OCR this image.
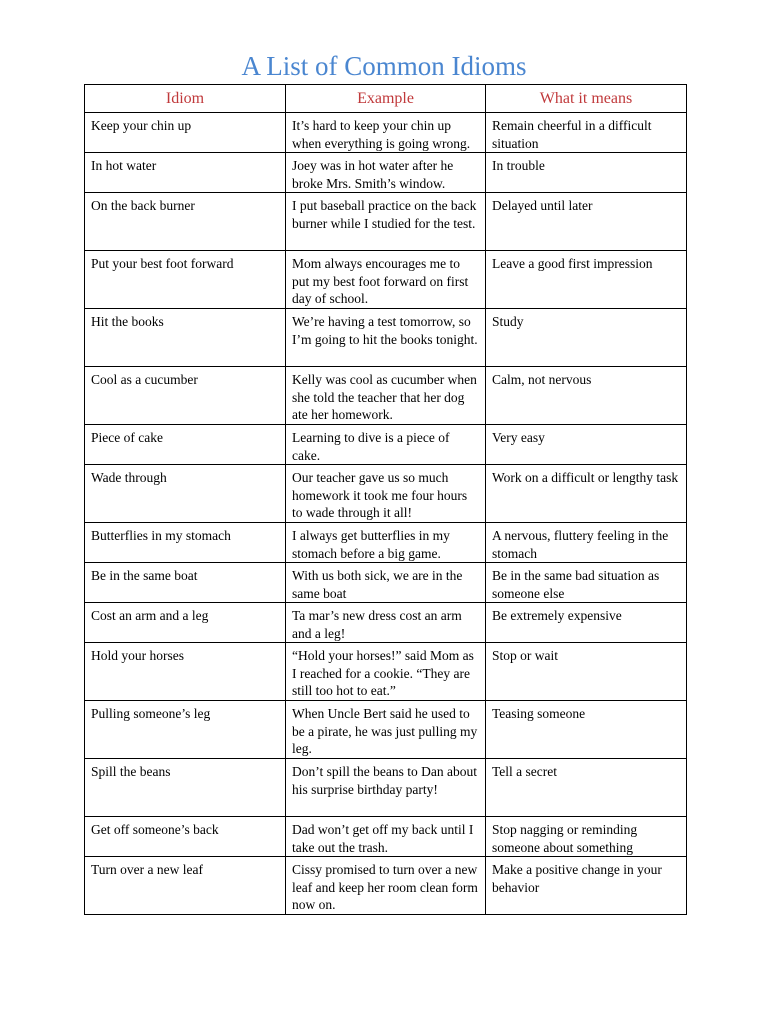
A List of Common Idioms
Idiom	Example	What it means
Keep your chin up	It’s hard to keep your chin up when everything is going wrong.	Remain cheerful in a difficult situation
In hot water	Joey was in hot water after he broke Mrs. Smith’s window.	In trouble
On the back burner	I put baseball practice on the back burner while I studied for the test.	Delayed until later
Put your best foot forward	Mom always encourages me to put my best foot forward on first day of school.	Leave a good first impression
Hit the books	We’re having a test tomorrow, so I’m going to hit the books tonight.	Study
Cool as a cucumber	Kelly was cool as cucumber when she told the teacher that her dog ate her homework.	Calm, not nervous
Piece of cake	Learning to dive is a piece of cake.	Very easy
Wade through	Our teacher gave us so much homework it took me four hours to wade through it all!	Work on a difficult or lengthy task
Butterflies in my stomach	I always get butterflies in my stomach before a big game.	A nervous, fluttery feeling in the stomach
Be in the same boat	With us both sick, we are in the same boat	Be in the same bad situation as someone else
Cost an arm and a leg	Ta mar’s new dress cost an arm and a leg!	Be extremely expensive
Hold your horses	“Hold your horses!” said Mom as I reached for a cookie. “They are still too hot to eat.”	Stop or wait
Pulling someone’s leg	When Uncle Bert said he used to be a pirate, he was just pulling my leg.	Teasing someone
Spill the beans	Don’t spill the beans to Dan about his surprise birthday party!	Tell a secret
Get off someone’s back	Dad won’t get off my back until I take out the trash.	Stop nagging or reminding someone about something
Turn over a new leaf	Cissy promised to turn over a new leaf and keep her room clean form now on.	Make a positive change in your behavior
